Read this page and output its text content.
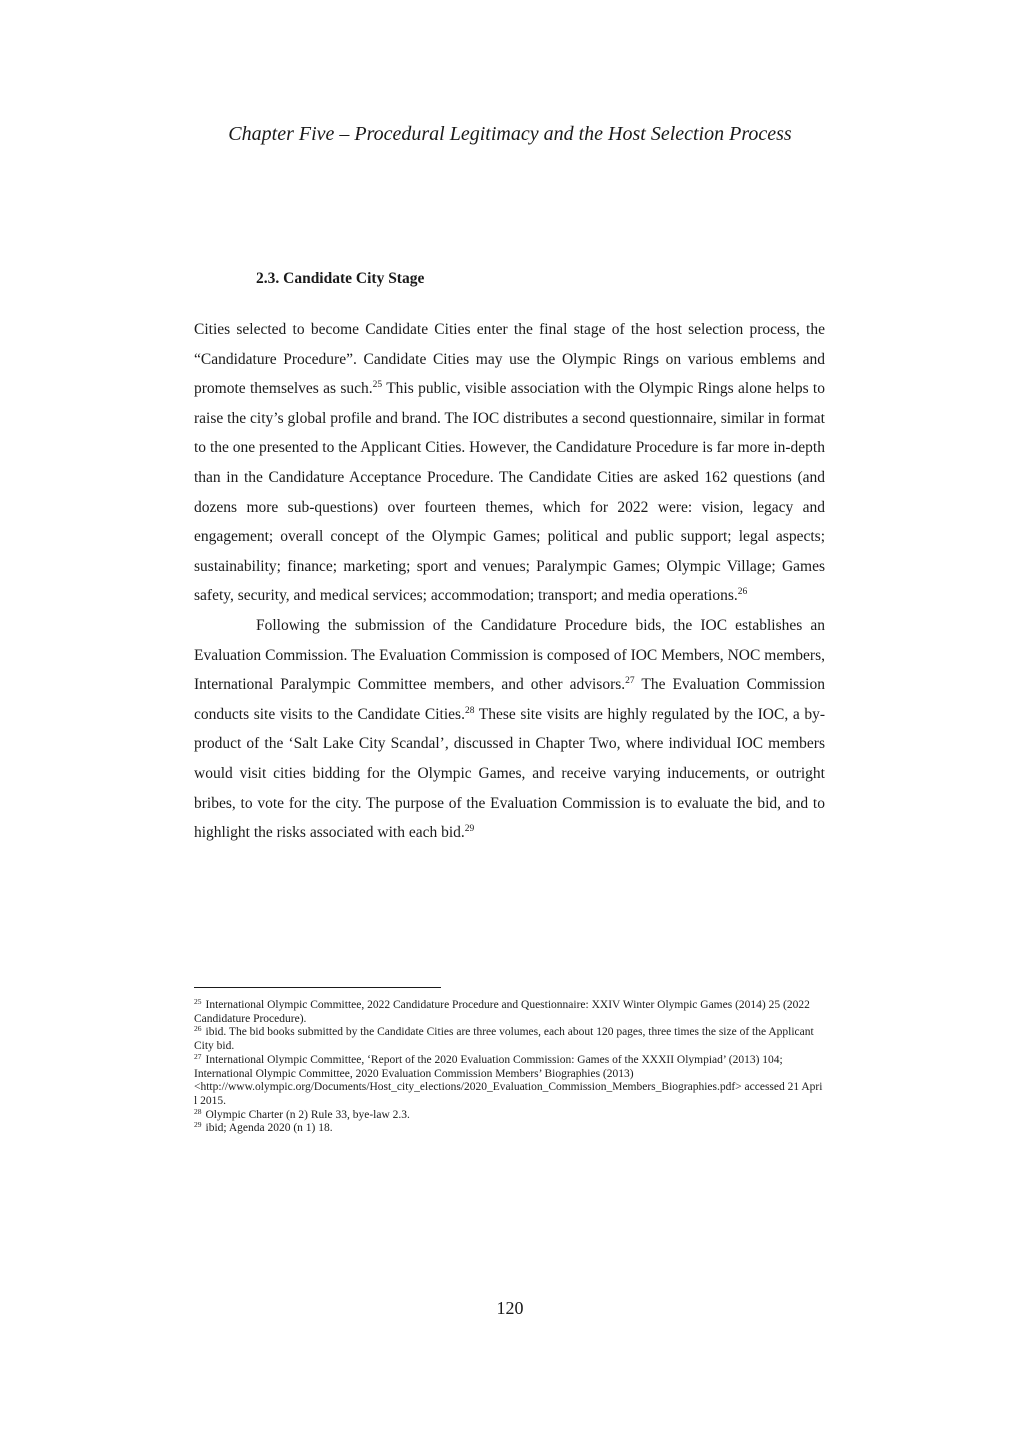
Chapter Five – Procedural Legitimacy and the Host Selection Process
2.3. Candidate City Stage

Cities selected to become Candidate Cities enter the final stage of the host selection process, the “Candidature Procedure”. Candidate Cities may use the Olympic Rings on various emblems and promote themselves as such.$^{25}$ This public, visible association with the Olympic Rings alone helps to raise the city’s global profile and brand. The IOC distributes a second questionnaire, similar in format to the one presented to the Applicant Cities. However, the Candidature Procedure is far more in-depth than in the Candidature Acceptance Procedure. The Candidate Cities are asked 162 questions (and dozens more sub-questions) over fourteen themes, which for 2022 were: vision, legacy and engagement; overall concept of the Olympic Games; political and public support; legal aspects; sustainability; finance; marketing; sport and venues; Paralympic Games; Olympic Village; Games safety, security, and medical services; accommodation; transport; and media operations.$^{26}$

Following the submission of the Candidature Procedure bids, the IOC establishes an Evaluation Commission. The Evaluation Commission is composed of IOC Members, NOC members, International Paralympic Committee members, and other advisors.$^{27}$ The Evaluation Commission conducts site visits to the Candidate Cities.$^{28}$ These site visits are highly regulated by the IOC, a by-product of the ‘Salt Lake City Scandal’, discussed in Chapter Two, where individual IOC members would visit cities bidding for the Olympic Games, and receive varying inducements, or outright bribes, to vote for the city. The purpose of the Evaluation Commission is to evaluate the bid, and to highlight the risks associated with each bid.$^{29}$

$^{25}$ International Olympic Committee, 2022 Candidature Procedure and Questionnaire: XXIV Winter Olympic Games (2014) 25 (2022 Candidature Procedure).

$^{26}$ ibid. The bid books submitted by the Candidate Cities are three volumes, each about 120 pages, three times the size of the Applicant City bid.

$^{27}$ International Olympic Committee, ‘Report of the 2020 Evaluation Commission: Games of the XXXII Olympiad’ (2013) 104; International Olympic Committee, 2020 Evaluation Commission Members’ Biographies (2013)
<http://www.olympic.org/Documents/Host_city_elections/2020_Evaluation_Commission_Members_Biographies.pdf> accessed 21 April 2015.

$^{28}$ Olympic Charter (n 2) Rule 33, bye-law 2.3.

$^{29}$ ibid; Agenda 2020 (n 1) 18.

120
